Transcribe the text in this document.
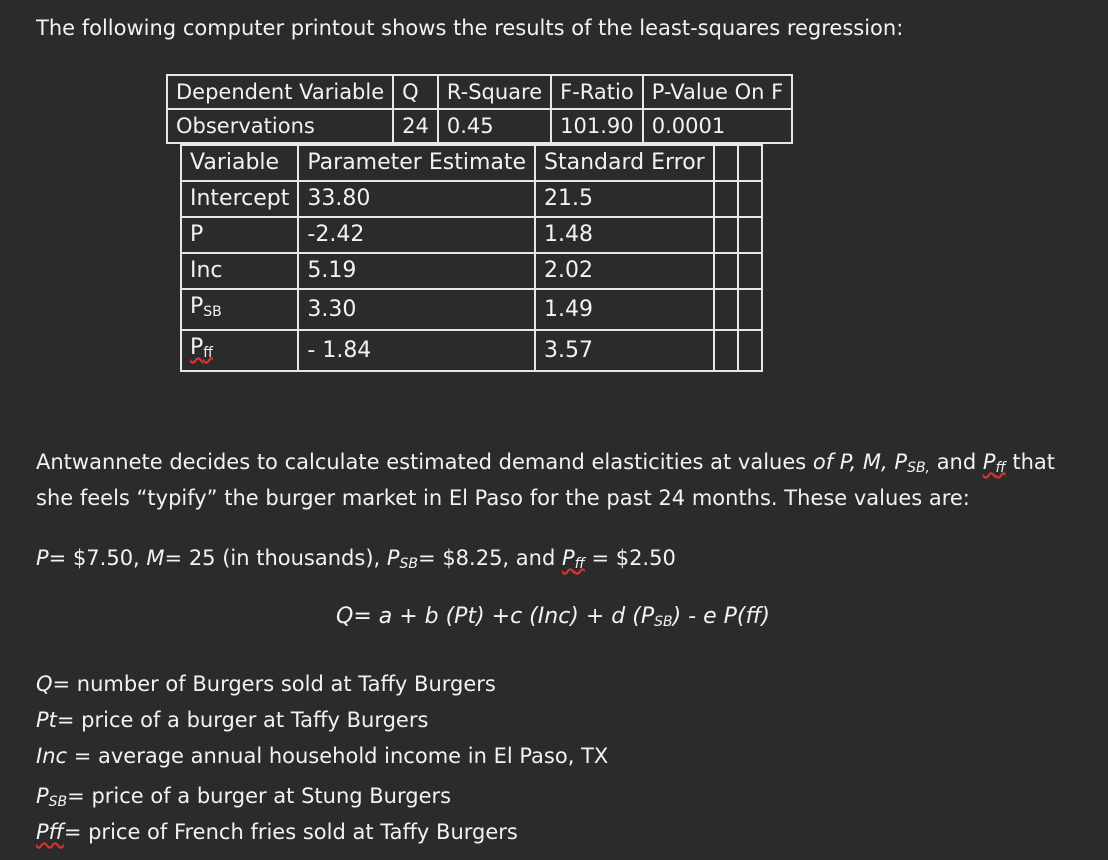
The following computer printout shows the results of the least-squares regression:
Dependent Variable	Q	R-Square	F-Ratio	P-Value On F
Observations	24	0.45	101.90	0.0001
Variable	Parameter Estimate	Standard Error		
Intercept	33.80	21.5		
P	-2.42	1.48		
Inc	5.19	2.02		
$P_{SB}$	3.30	1.49		
$P_{ff}$	- 1.84	3.57		
Antwannete decides to calculate estimated demand elasticities at values of P, M, $P_{SB,}$ and $P_{ff}$ that
she feels “typify” the burger market in El Paso for the past 24 months. These values are:
P= $7.50, M= 25 (in thousands), $P_{SB}=$ $8.25, and $P_{ff}$ = $2.50
Q= a + b (Pt) +c (Inc) + d $(P_{SB})$ - e P(ff)
Q= number of Burgers sold at Taffy Burgers
Pt= price of a burger at Taffy Burgers
Inc = average annual household income in El Paso, TX
$P_{SB}=$ price of a burger at Stung Burgers
Pff= price of French fries sold at Taffy Burgers
